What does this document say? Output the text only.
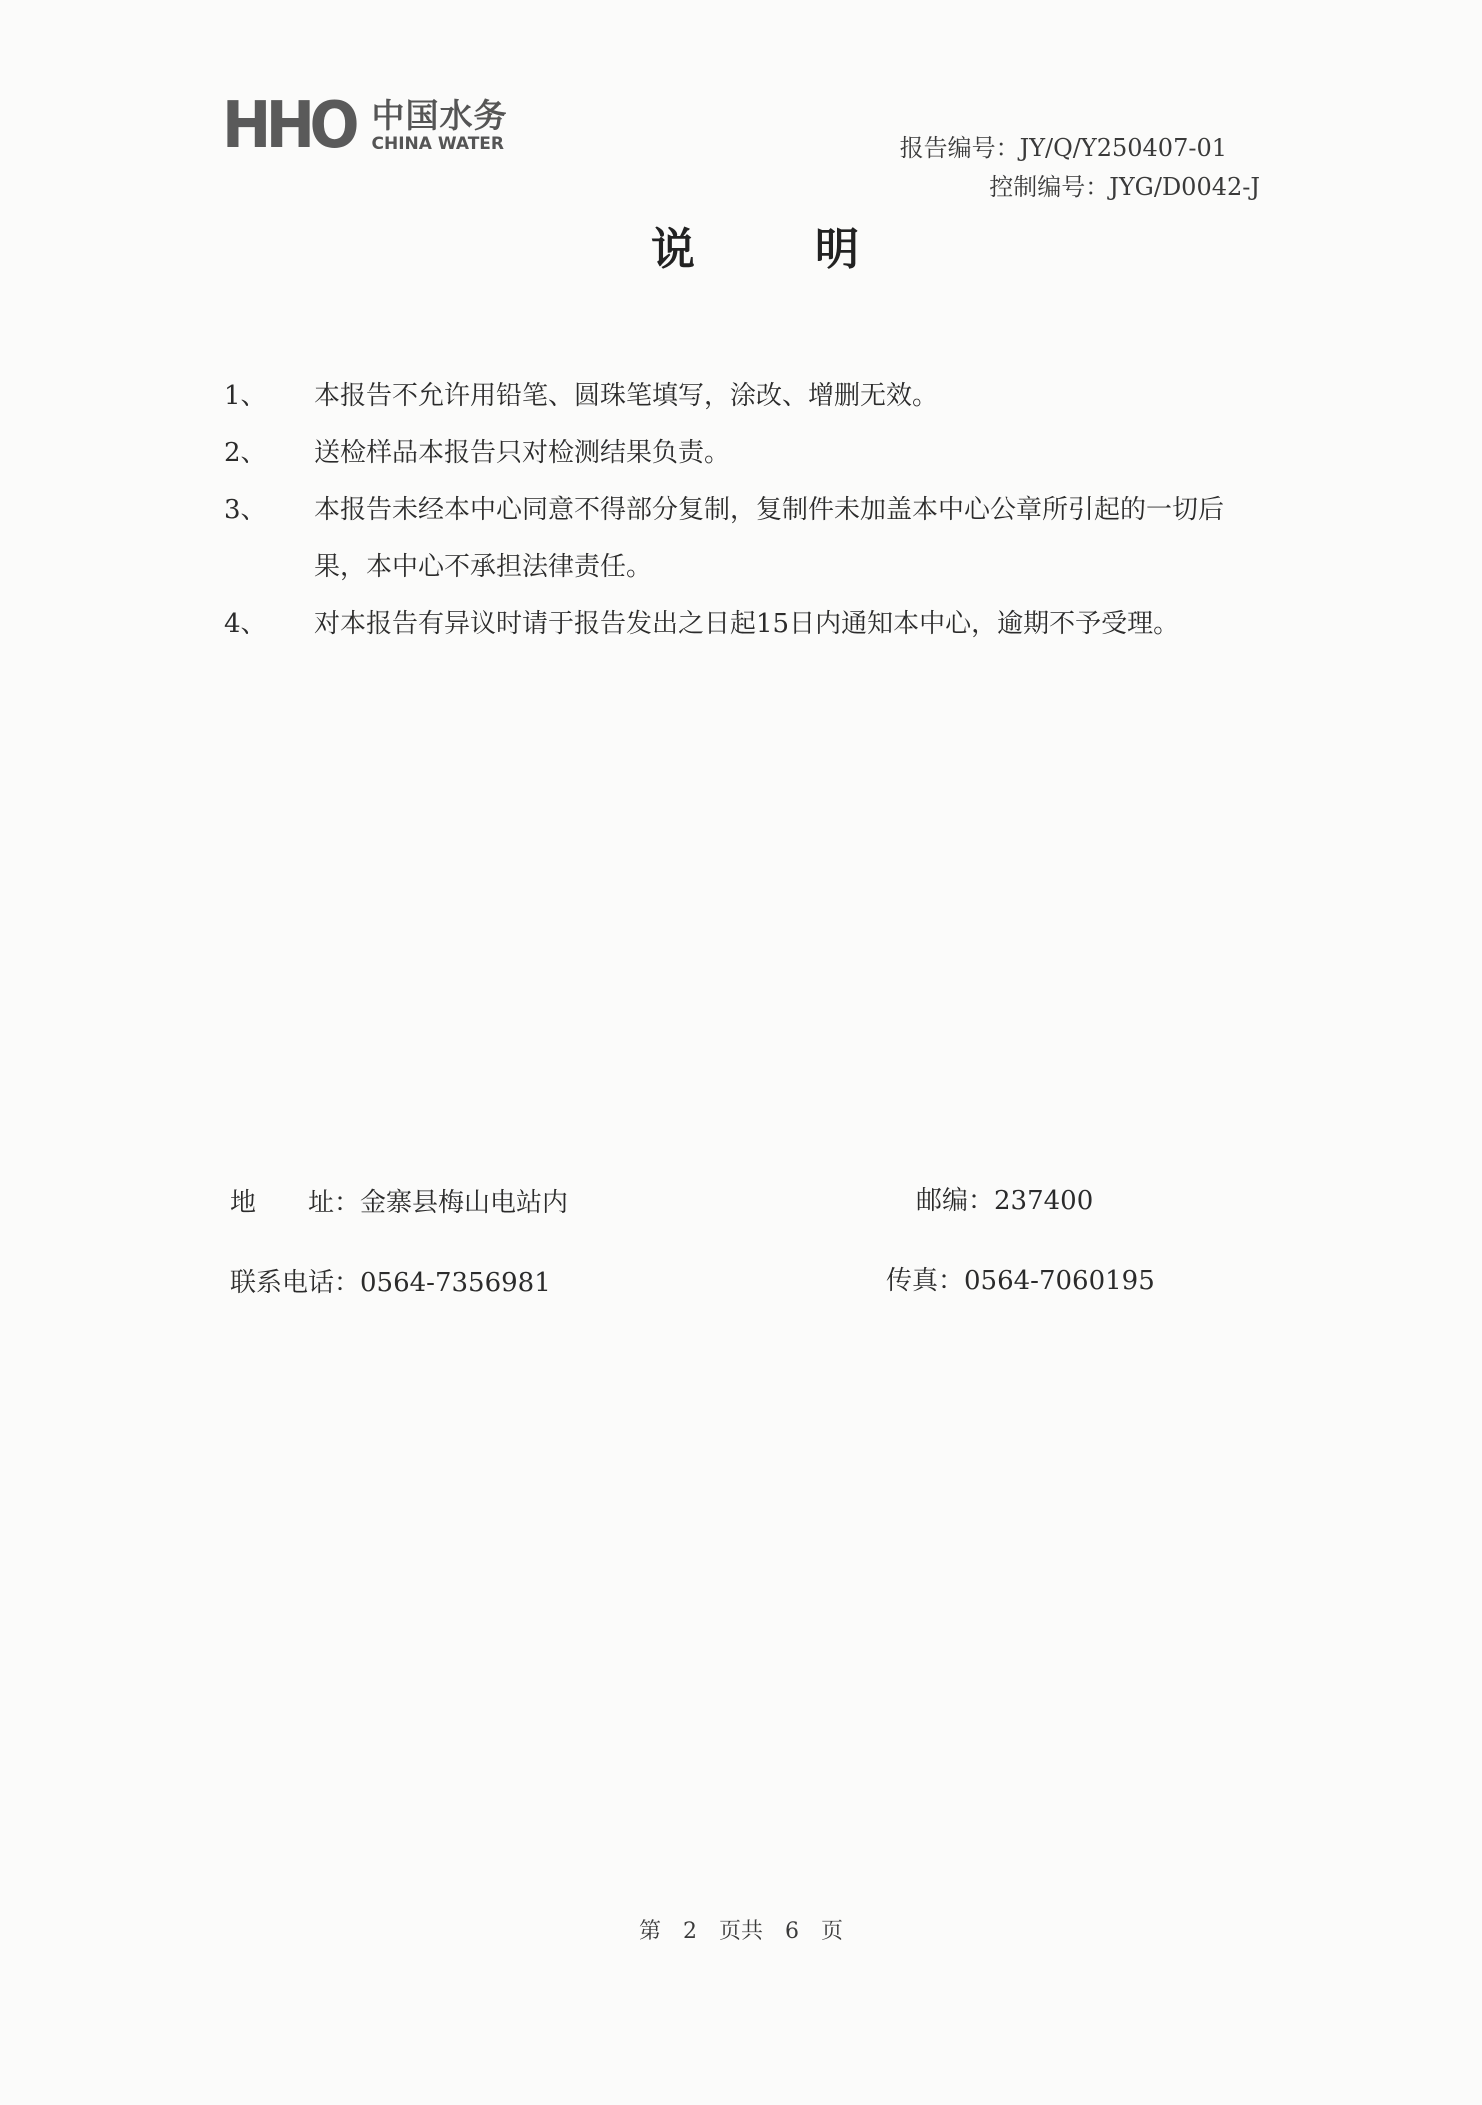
HHO 中国水务
CHINA WATER	报告编号：JY/Q/Y250407-01
控制编号：JYG/D0042-J
说明
1、	本报告不允许用铅笔、圆珠笔填写，涂改、增删无效。
2、	送检样品本报告只对检测结果负责。
3、	本报告未经本中心同意不得部分复制，复制件未加盖本中心公章所引起的一切后果，本中心不承担法律责任。
4、	对本报告有异议时请于报告发出之日起15日内通知本中心，逾期不予受理。
地 址：金寨县梅山电站内	邮编：237400
联系电话：0564-7356981	传真：0564-7060195
第 2 页共 6 页
